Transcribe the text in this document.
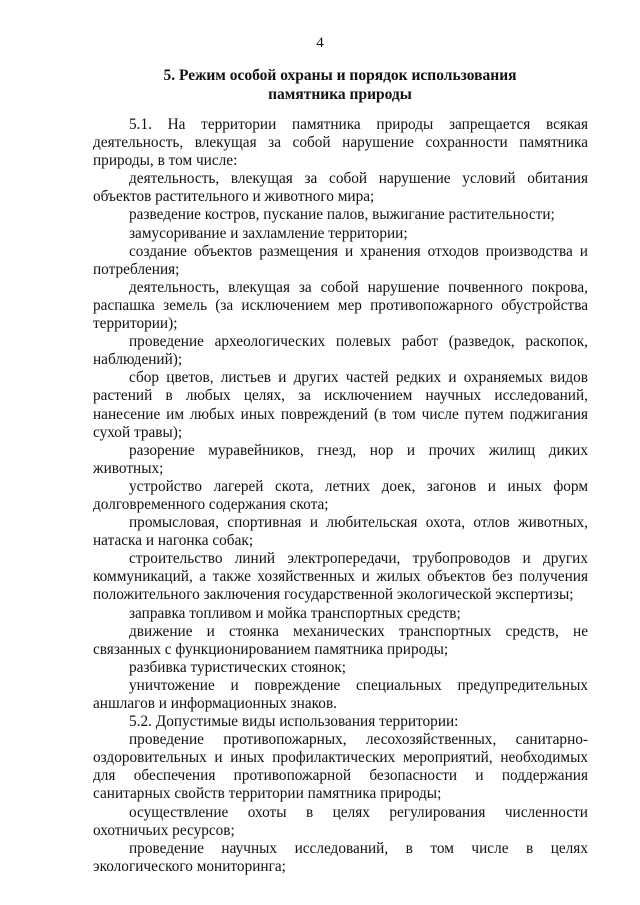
4
5. Режим особой охраны и порядок использования
памятника природы

5.1. На территории памятника природы запрещается всякая деятельность, влекущая за собой нарушение сохранности памятника природы, в том числе:

деятельность, влекущая за собой нарушение условий обитания объектов растительного и животного мира;

разведение костров, пускание палов, выжигание растительности;

замусоривание и захламление территории;

создание объектов размещения и хранения отходов производства и потребления;

деятельность, влекущая за собой нарушение почвенного покрова, распашка земель (за исключением мер противопожарного обустройства территории);

проведение археологических полевых работ (разведок, раскопок, наблюдений);

сбор цветов, листьев и других частей редких и охраняемых видов растений в любых целях, за исключением научных исследований, нанесение им любых иных повреждений (в том числе путем поджигания сухой травы);

разорение муравейников, гнезд, нор и прочих жилищ диких животных;

устройство лагерей скота, летних доек, загонов и иных форм долговременного содержания скота;

промысловая, спортивная и любительская охота, отлов животных, натаска и нагонка собак;

строительство линий электропередачи, трубопроводов и других коммуникаций, а также хозяйственных и жилых объектов без получения положительного заключения государственной экологической экспертизы;

заправка топливом и мойка транспортных средств;

движение и стоянка механических транспортных средств, не связанных с функционированием памятника природы;

разбивка туристических стоянок;

уничтожение и повреждение специальных предупредительных аншлагов и информационных знаков.

5.2. Допустимые виды использования территории:

проведение противопожарных, лесохозяйственных, санитарно-оздоровительных и иных профилактических мероприятий, необходимых для обеспечения противопожарной безопасности и поддержания санитарных свойств территории памятника природы;

осуществление охоты в целях регулирования численности охотничьих ресурсов;

проведение научных исследований, в том числе в целях экологического мониторинга;
